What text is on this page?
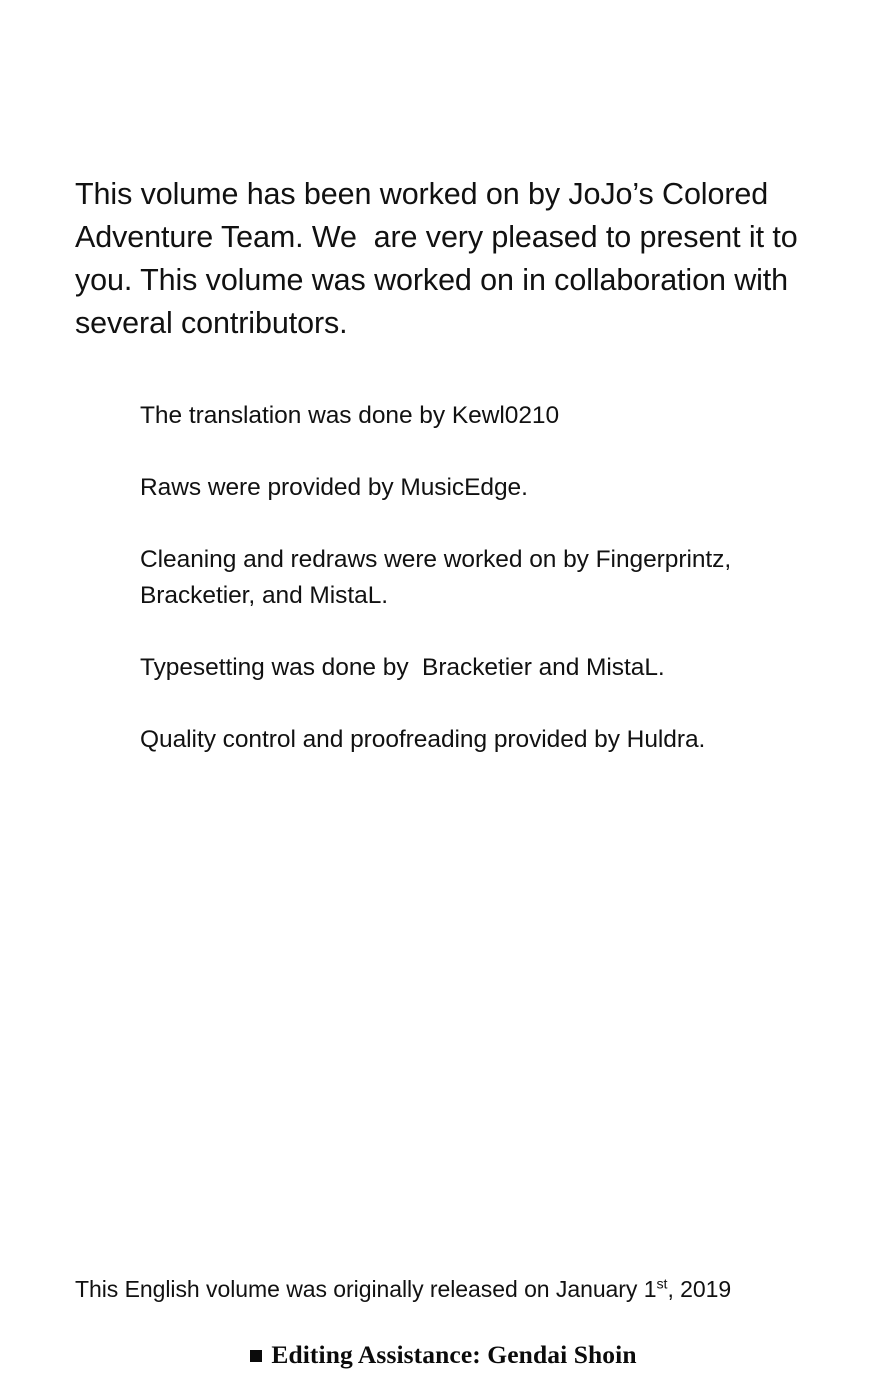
This volume has been worked on by JoJo’s Colored Adventure Team. We  are very pleased to present it to you. This volume was worked on in collaboration with several contributors.

The translation was done by Kewl0210

Raws were provided by MusicEdge.

Cleaning and redraws were worked on by Fingerprintz, Bracketier, and MistaL.

Typesetting was done by  Bracketier and MistaL.

Quality control and proofreading provided by Huldra.

This English volume was originally released on January 1st, 2019
Editing Assistance: Gendai Shoin
